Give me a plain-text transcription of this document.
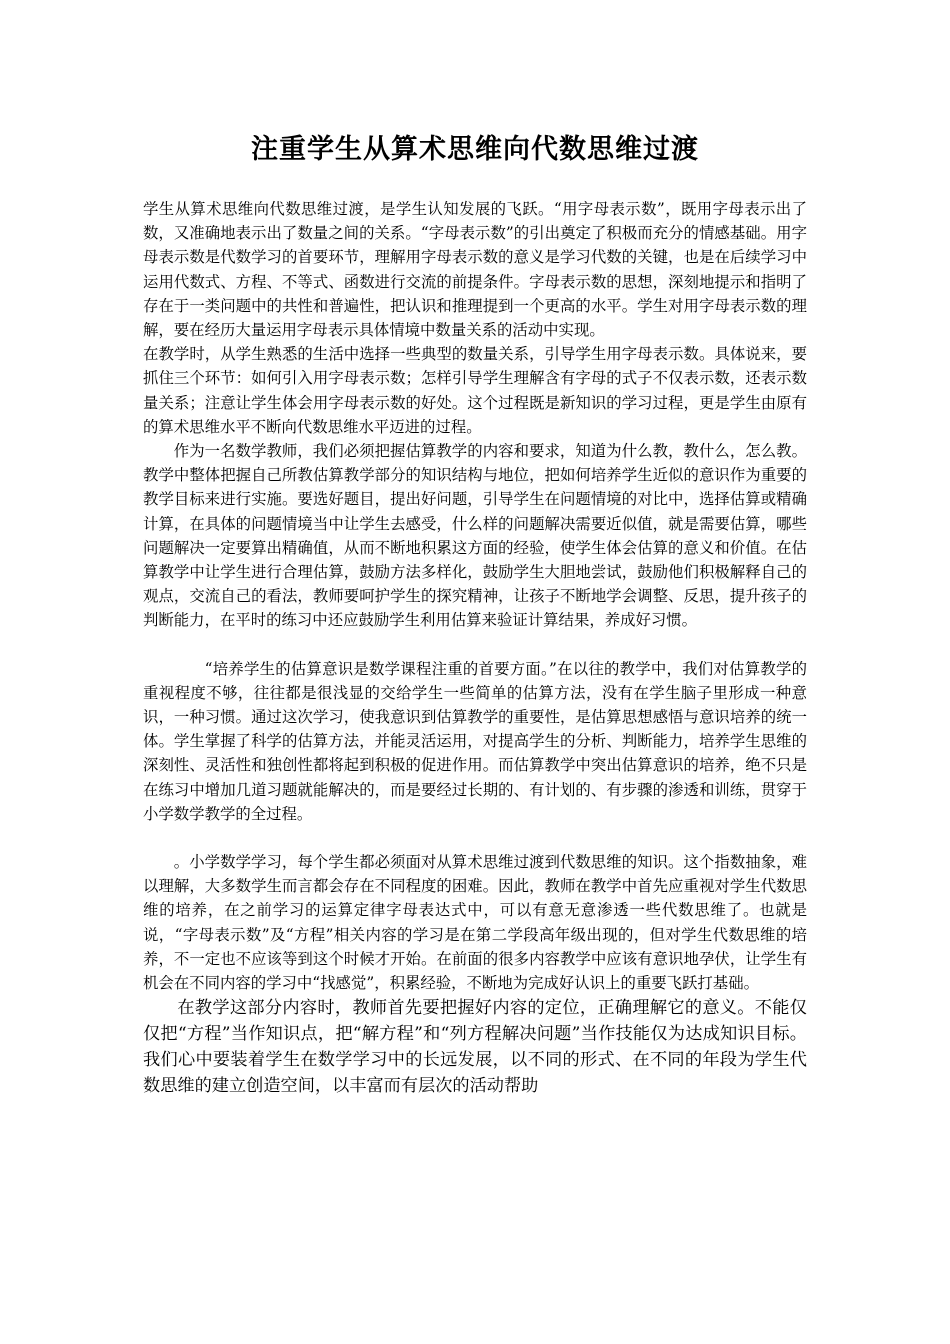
注重学生从算术思维向代数思维过渡

学生从算术思维向代数思维过渡，是学生认知发展的飞跃。“用字母表示数”，既用字母表示出了数，又准确地表示出了数量之间的关系。“字母表示数”的引出奠定了积极而充分的情感基础。用字母表示数是代数学习的首要环节，理解用字母表示数的意义是学习代数的关键，也是在后续学习中运用代数式、方程、不等式、函数进行交流的前提条件。字母表示数的思想，深刻地提示和指明了存在于一类问题中的共性和普遍性，把认识和推理提到一个更高的水平。学生对用字母表示数的理解，要在经历大量运用字母表示具体情境中数量关系的活动中实现。

在教学时，从学生熟悉的生活中选择一些典型的数量关系，引导学生用字母表示数。具体说来，要抓住三个环节：如何引入用字母表示数；怎样引导学生理解含有字母的式子不仅表示数，还表示数量关系；注意让学生体会用字母表示数的好处。这个过程既是新知识的学习过程，更是学生由原有的算术思维水平不断向代数思维水平迈进的过程。

作为一名数学教师，我们必须把握估算教学的内容和要求，知道为什么教，教什么，怎么教。教学中整体把握自己所教估算教学部分的知识结构与地位，把如何培养学生近似的意识作为重要的教学目标来进行实施。要选好题目，提出好问题，引导学生在问题情境的对比中，选择估算或精确计算，在具体的问题情境当中让学生去感受，什么样的问题解决需要近似值，就是需要估算，哪些问题解决一定要算出精确值，从而不断地积累这方面的经验，使学生体会估算的意义和价值。在估算教学中让学生进行合理估算，鼓励方法多样化，鼓励学生大胆地尝试，鼓励他们积极解释自己的观点，交流自己的看法，教师要呵护学生的探究精神，让孩子不断地学会调整、反思，提升孩子的判断能力，在平时的练习中还应鼓励学生利用估算来验证计算结果，养成好习惯。

“培养学生的估算意识是数学课程注重的首要方面。”在以往的教学中，我们对估算教学的重视程度不够，往往都是很浅显的交给学生一些简单的估算方法，没有在学生脑子里形成一种意识，一种习惯。通过这次学习，使我意识到估算教学的重要性，是估算思想感悟与意识培养的统一体。学生掌握了科学的估算方法，并能灵活运用，对提高学生的分析、判断能力，培养学生思维的深刻性、灵活性和独创性都将起到积极的促进作用。而估算教学中突出估算意识的培养，绝不只是在练习中增加几道习题就能解决的，而是要经过长期的、有计划的、有步骤的渗透和训练，贯穿于小学数学教学的全过程。

。小学数学学习，每个学生都必须面对从算术思维过渡到代数思维的知识。这个指数抽象，难以理解，大多数学生而言都会存在不同程度的困难。因此，教师在教学中首先应重视对学生代数思维的培养，在之前学习的运算定律字母表达式中，可以有意无意渗透一些代数思维了。也就是说，“字母表示数”及“方程”相关内容的学习是在第二学段高年级出现的，但对学生代数思维的培养，不一定也不应该等到这个时候才开始。在前面的很多内容教学中应该有意识地孕伏，让学生有机会在不同内容的学习中“找感觉”，积累经验，不断地为完成好认识上的重要飞跃打基础。

在教学这部分内容时，教师首先要把握好内容的定位，正确理解它的意义。不能仅仅把“方程”当作知识点，把“解方程”和“列方程解决问题”当作技能仅为达成知识目标。我们心中要装着学生在数学学习中的长远发展，以不同的形式、在不同的年段为学生代数思维的建立创造空间，以丰富而有层次的活动帮助
